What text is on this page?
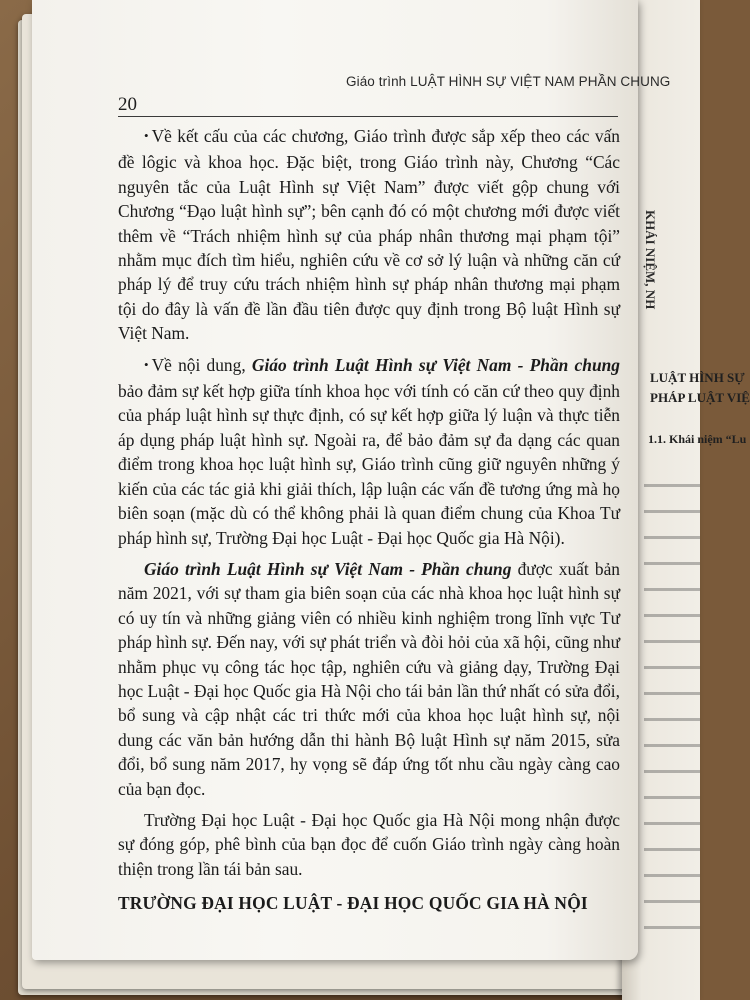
KHÁI NIỆM, NH
LUẬT HÌNH SỰ
PHÁP LUẬT VIỆ
1.1. Khái niệm “Lu
Giáo trình LUẬT HÌNH SỰ VIỆT NAM PHẦN CHUNG
20

• Về kết cấu của các chương, Giáo trình được sắp xếp theo các vấn đề lôgic và khoa học. Đặc biệt, trong Giáo trình này, Chương “Các nguyên tắc của Luật Hình sự Việt Nam” được viết gộp chung với Chương “Đạo luật hình sự”; bên cạnh đó có một chương mới được viết thêm về “Trách nhiệm hình sự của pháp nhân thương mại phạm tội” nhằm mục đích tìm hiểu, nghiên cứu về cơ sở lý luận và những căn cứ pháp lý để truy cứu trách nhiệm hình sự pháp nhân thương mại phạm tội do đây là vấn đề lần đầu tiên được quy định trong Bộ luật Hình sự Việt Nam.

• Về nội dung, Giáo trình Luật Hình sự Việt Nam - Phần chung bảo đảm sự kết hợp giữa tính khoa học với tính có căn cứ theo quy định của pháp luật hình sự thực định, có sự kết hợp giữa lý luận và thực tiễn áp dụng pháp luật hình sự. Ngoài ra, để bảo đảm sự đa dạng các quan điểm trong khoa học luật hình sự, Giáo trình cũng giữ nguyên những ý kiến của các tác giả khi giải thích, lập luận các vấn đề tương ứng mà họ biên soạn (mặc dù có thể không phải là quan điểm chung của Khoa Tư pháp hình sự, Trường Đại học Luật - Đại học Quốc gia Hà Nội).

Giáo trình Luật Hình sự Việt Nam - Phần chung được xuất bản năm 2021, với sự tham gia biên soạn của các nhà khoa học luật hình sự có uy tín và những giảng viên có nhiều kinh nghiệm trong lĩnh vực Tư pháp hình sự. Đến nay, với sự phát triển và đòi hỏi của xã hội, cũng như nhằm phục vụ công tác học tập, nghiên cứu và giảng dạy, Trường Đại học Luật - Đại học Quốc gia Hà Nội cho tái bản lần thứ nhất có sửa đổi, bổ sung và cập nhật các tri thức mới của khoa học luật hình sự, nội dung các văn bản hướng dẫn thi hành Bộ luật Hình sự năm 2015, sửa đổi, bổ sung năm 2017, hy vọng sẽ đáp ứng tốt nhu cầu ngày càng cao của bạn đọc.

Trường Đại học Luật - Đại học Quốc gia Hà Nội mong nhận được sự đóng góp, phê bình của bạn đọc để cuốn Giáo trình ngày càng hoàn thiện trong lần tái bản sau.

TRƯỜNG ĐẠI HỌC LUẬT - ĐẠI HỌC QUỐC GIA HÀ NỘI
